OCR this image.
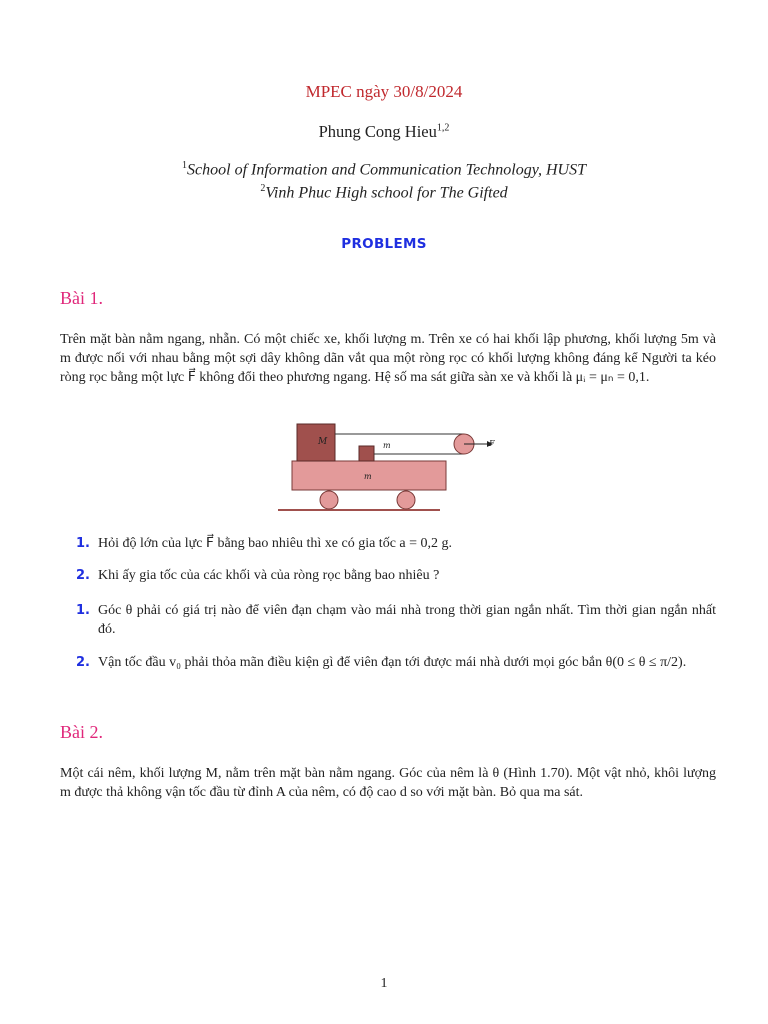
MPEC ngày 30/8/2024
Phung Cong Hieu$^{1,2}$
$^1$School of Information and Communication Technology, HUST
$^2$Vinh Phuc High school for The Gifted
PROBLEMS
Bài 1.
Trên mặt bàn nằm ngang, nhẵn. Có một chiếc xe, khối lượng m. Trên xe có hai khối lập phương, khối lượng 5m và m được nối với nhau bằng một sợi dây không dãn vắt qua một ròng rọc có khối lượng không đáng kể Người ta kéo ròng rọc bằng một lực F⃗ không đổi theo phương ngang. Hệ số ma sát giữa sàn xe và khối là μᵢ = μₙ = 0,1.
M	m
m
F
1. Hỏi độ lớn của lực F⃗ bằng bao nhiêu thì xe có gia tốc a = 0,2 g.
2. Khi ấy gia tốc của các khối và của ròng rọc bằng bao nhiêu ?
1. Góc θ phải có giá trị nào để viên đạn chạm vào mái nhà trong thời gian ngắn nhất. Tìm thời gian ngắn nhất đó.
2. Vận tốc đầu v₀ phải thỏa mãn điều kiện gì để viên đạn tới được mái nhà dưới mọi góc bắn θ(0 ≤ θ ≤ π/2).
Bài 2.
Một cái nêm, khối lượng M, nằm trên mặt bàn nằm ngang. Góc của nêm là θ (Hình 1.70). Một vật nhỏ, khôi lượng m được thả không vận tốc đầu từ đỉnh A của nêm, có độ cao d so với mặt bàn. Bỏ qua ma sát.
1
